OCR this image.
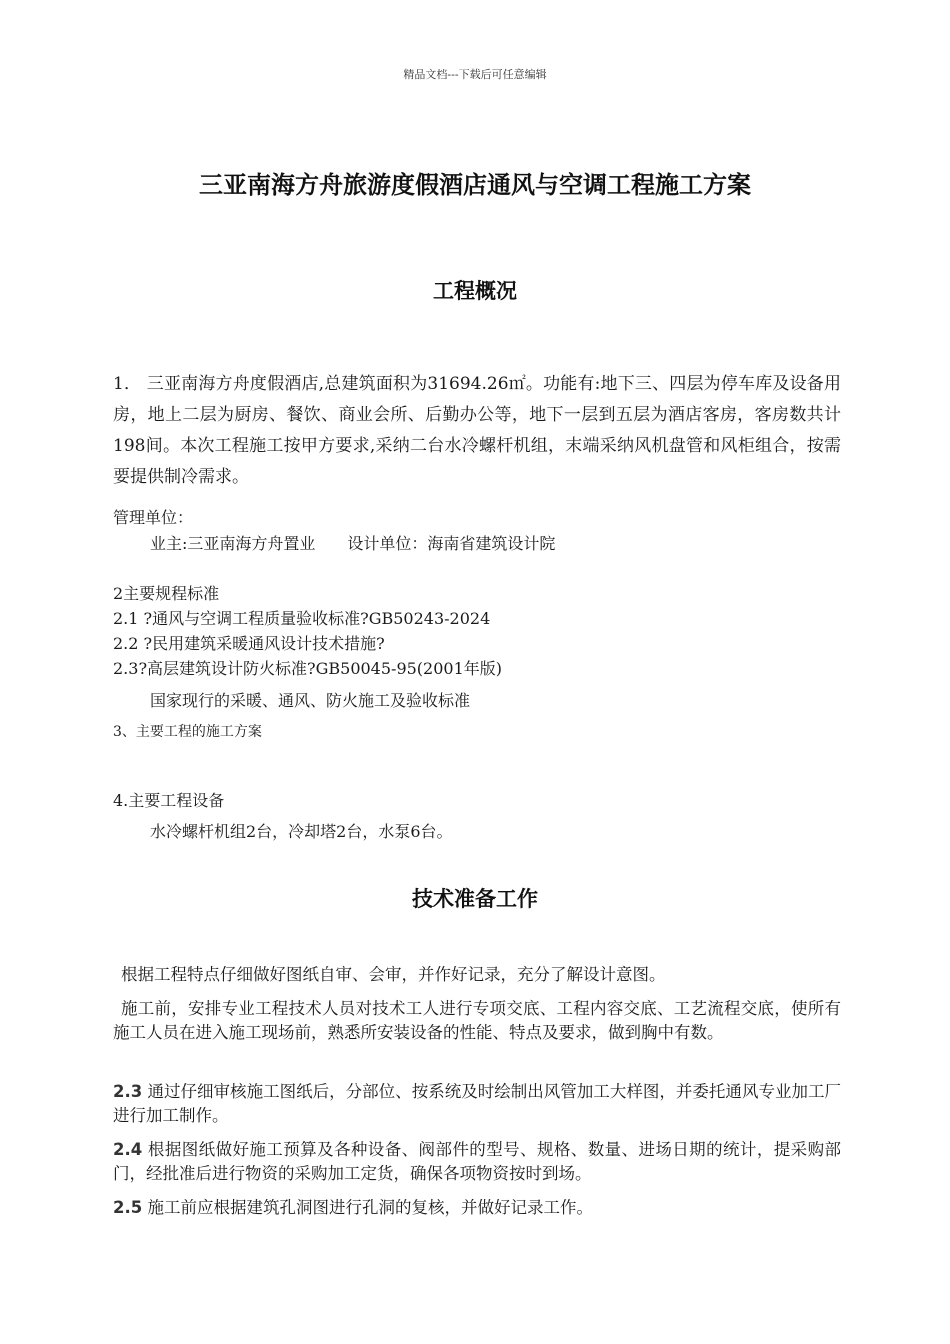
精品文档---下载后可任意编辑
三亚南海方舟旅游度假酒店通风与空调工程施工方案
工程概况
1． 三亚南海方舟度假酒店,总建筑面积为31694.26㎡。功能有:地下三、四层为停车库及设备用房，地上二层为厨房、餐饮、商业会所、后勤办公等，地下一层到五层为酒店客房，客房数共计198间。本次工程施工按甲方要求,采纳二台水冷螺杆机组，末端采纳风机盘管和风柜组合，按需要提供制冷需求。
管理单位：
业主:三亚南海方舟置业　　设计单位：海南省建筑设计院
2主要规程标准
2.1 ?通风与空调工程质量验收标准?GB50243-2024
2.2 ?民用建筑采暖通风设计技术措施?
2.3?高层建筑设计防火标准?GB50045-95(2001年版)
国家现行的采暖、通风、防火施工及验收标准
3、主要工程的施工方案
4.主要工程设备
水冷螺杆机组2台，冷却塔2台，水泵6台。
技术准备工作
根据工程特点仔细做好图纸自审、会审，并作好记录，充分了解设计意图。
施工前，安排专业工程技术人员对技术工人进行专项交底、工程内容交底、工艺流程交底，使所有施工人员在进入施工现场前，熟悉所安装设备的性能、特点及要求，做到胸中有数。
2.3 通过仔细审核施工图纸后，分部位、按系统及时绘制出风管加工大样图，并委托通风专业加工厂进行加工制作。
2.4 根据图纸做好施工预算及各种设备、阀部件的型号、规格、数量、进场日期的统计，提采购部门，经批准后进行物资的采购加工定货，确保各项物资按时到场。
2.5 施工前应根据建筑孔洞图进行孔洞的复核，并做好记录工作。
